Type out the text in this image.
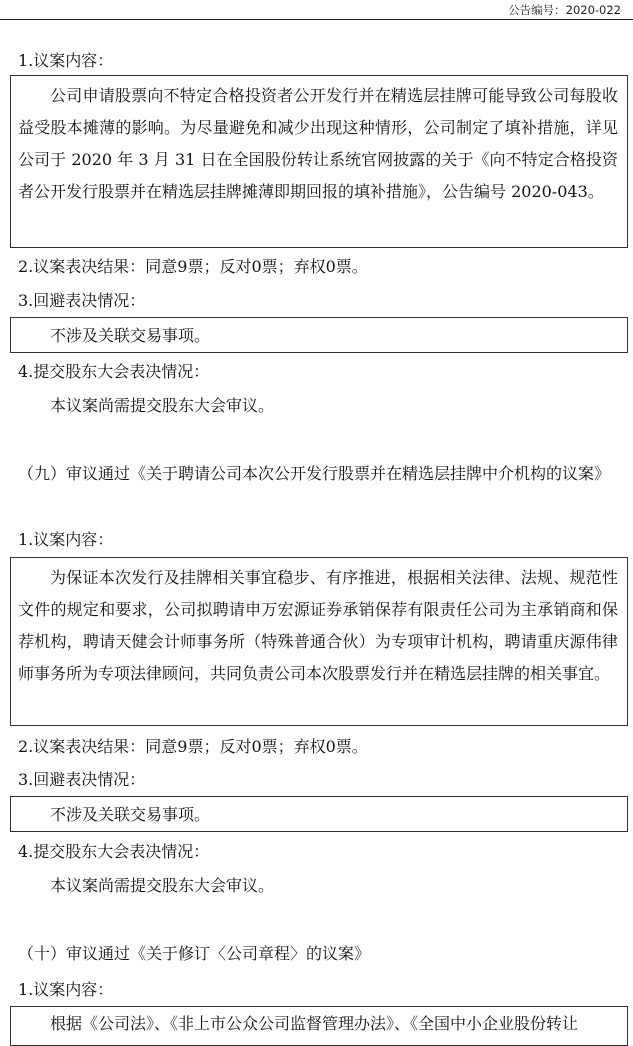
公告编号：2020-022
1.议案内容：

公司申请股票向不特定合格投资者公开发行并在精选层挂牌可能导致公司每股收益受股本摊薄的影响。为尽量避免和减少出现这种情形，公司制定了填补措施，详见公司于 2020 年 3 月 31 日在全国股份转让系统官网披露的关于《向不特定合格投资者公开发行股票并在精选层挂牌摊薄即期回报的填补措施》，公告编号 2020-043。

2.议案表决结果：同意9票；反对0票；弃权0票。
3.回避表决情况：
不涉及关联交易事项。
4.提交股东大会表决情况：
本议案尚需提交股东大会审议。

（九）审议通过《关于聘请公司本次公开发行股票并在精选层挂牌中介机构的议案》

1.议案内容：

为保证本次发行及挂牌相关事宜稳步、有序推进，根据相关法律、法规、规范性文件的规定和要求，公司拟聘请申万宏源证券承销保荐有限责任公司为主承销商和保荐机构，聘请天健会计师事务所（特殊普通合伙）为专项审计机构，聘请重庆源伟律师事务所为专项法律顾问，共同负责公司本次股票发行并在精选层挂牌的相关事宜。

2.议案表决结果：同意9票；反对0票；弃权0票。
3.回避表决情况：
不涉及关联交易事项。
4.提交股东大会表决情况：
本议案尚需提交股东大会审议。
（十）审议通过《关于修订〈公司章程〉的议案》
1.议案内容：

根据《公司法》、《非上市公众公司监督管理办法》、《全国中小企业股份转让
